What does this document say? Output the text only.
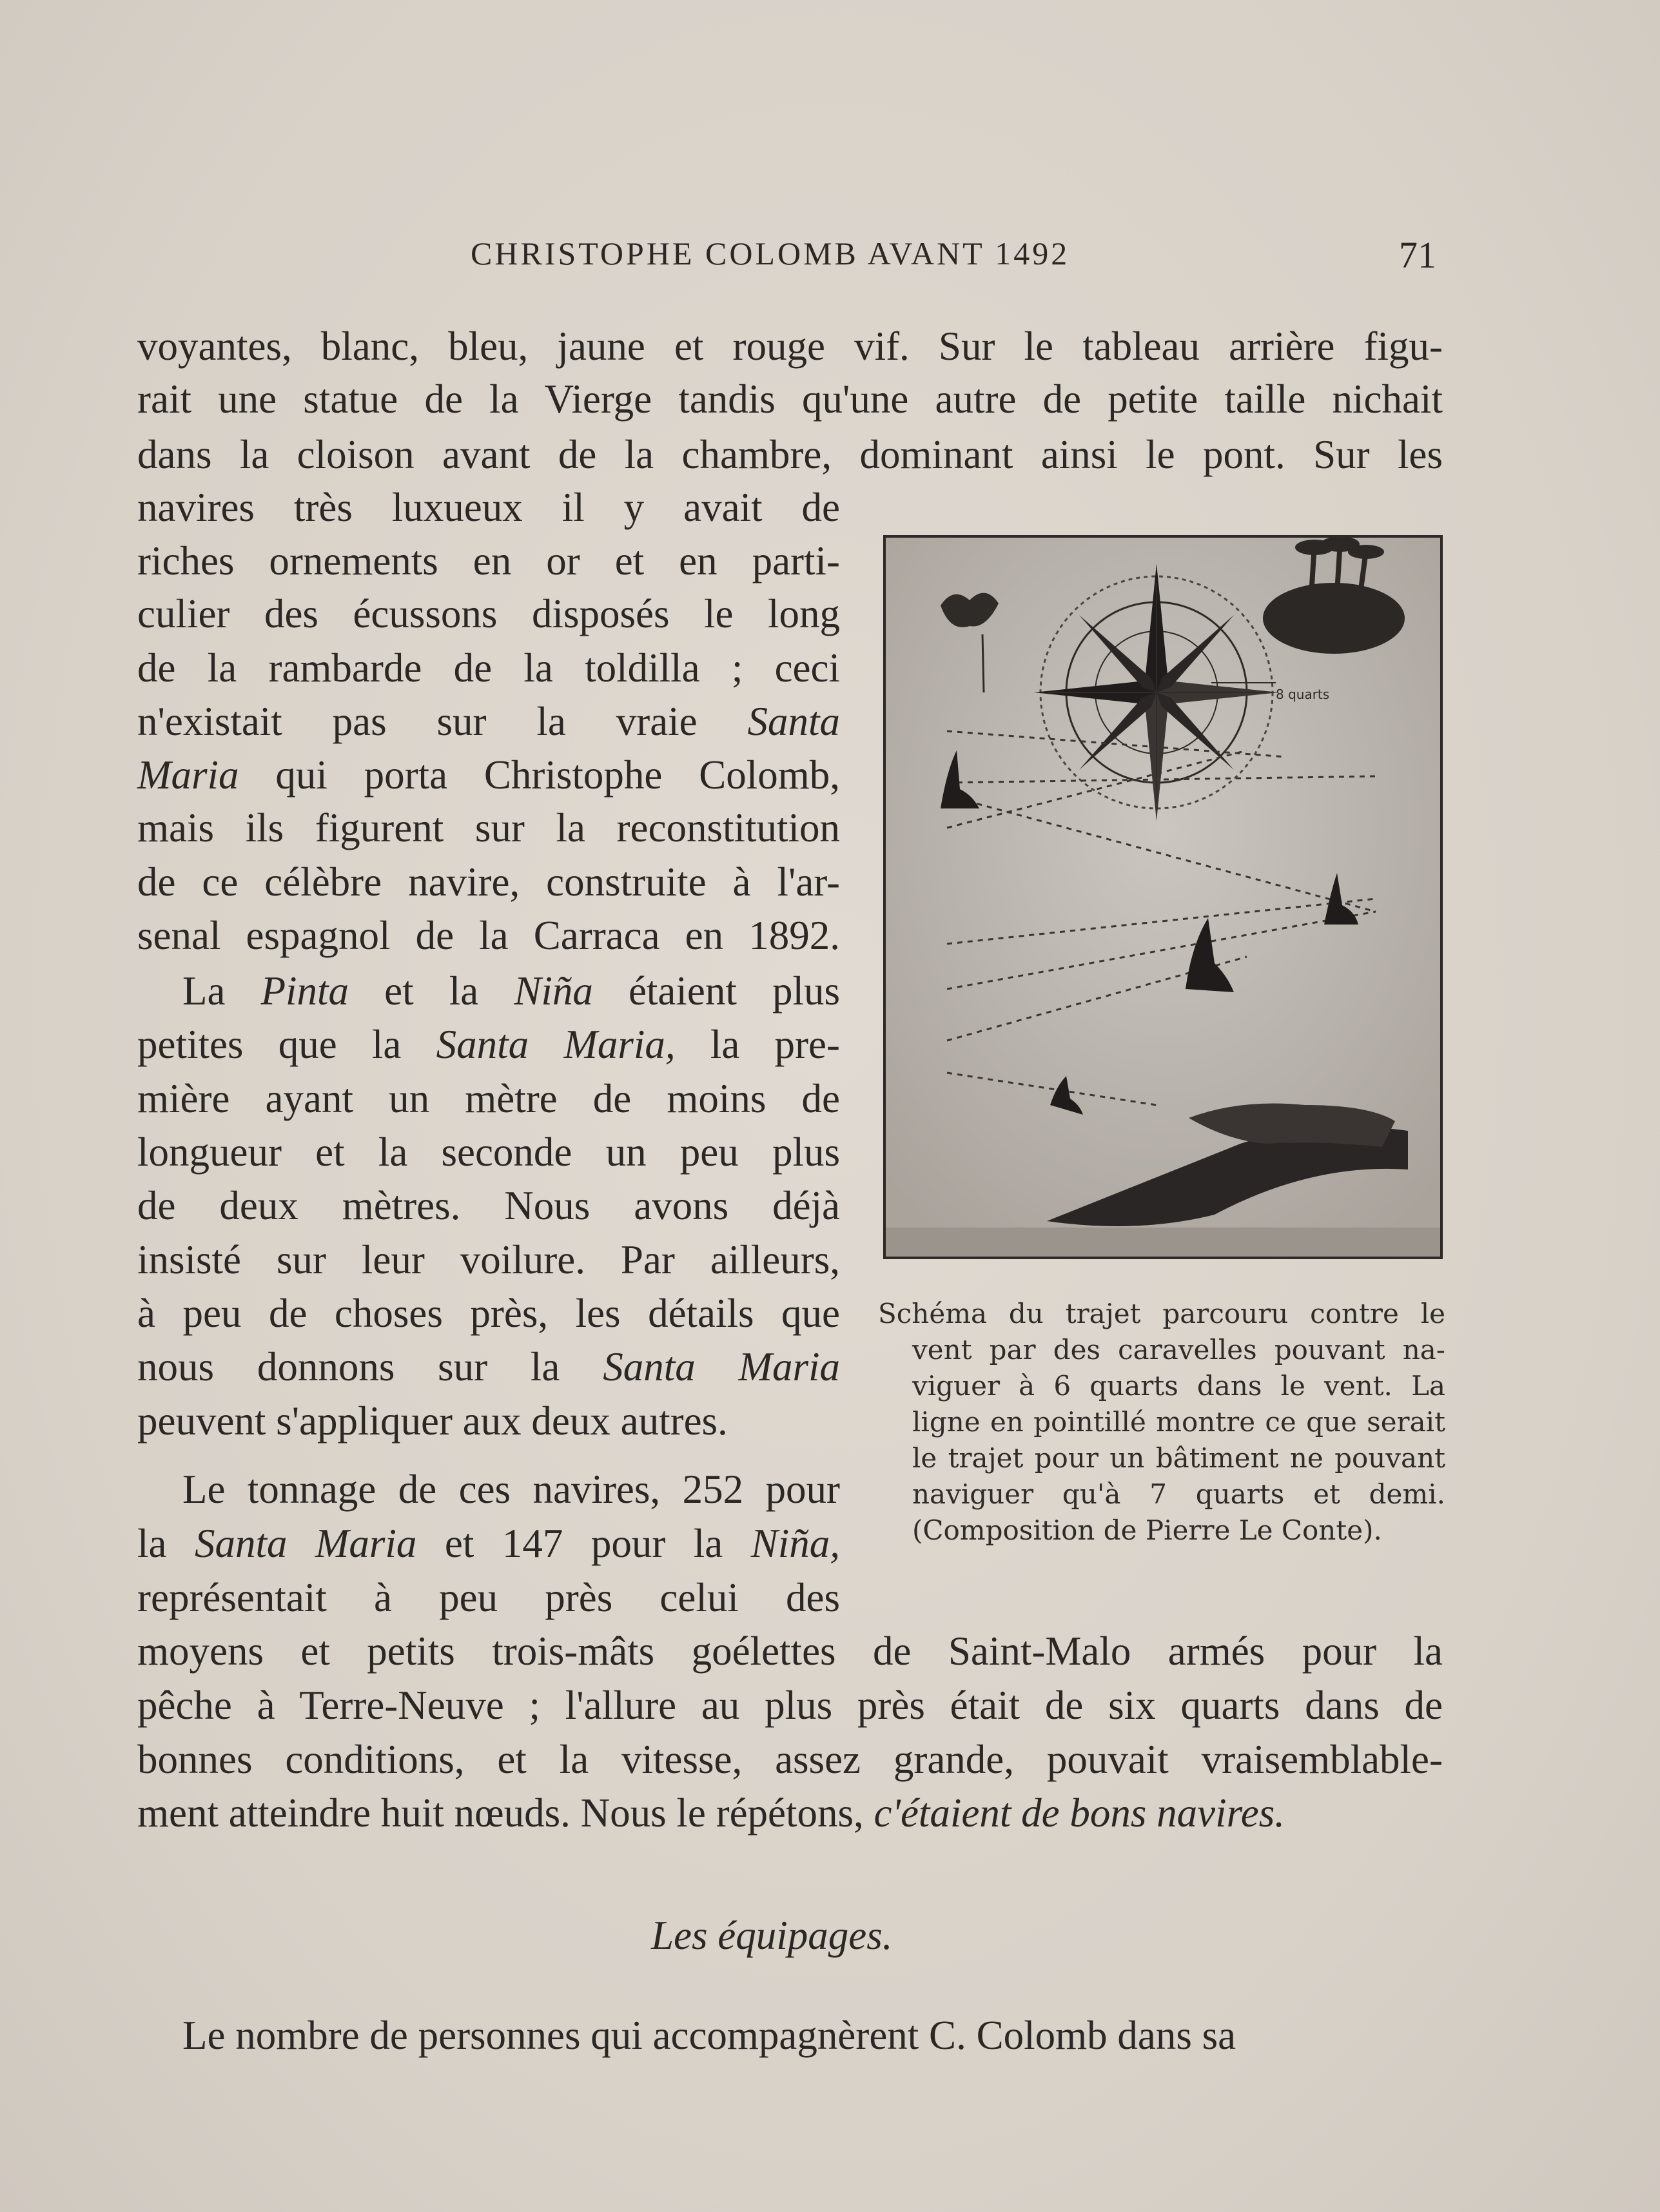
CHRISTOPHE COLOMB AVANT 1492	71
voyantes, blanc, bleu, jaune et rouge vif. Sur le tableau arrière figu-
rait une statue de la Vierge tandis qu'une autre de petite taille nichait
dans la cloison avant de la chambre, dominant ainsi le pont. Sur les
navires très luxueux il y avait de
riches ornements en or et en parti-
culier des écussons disposés le long
de la rambarde de la toldilla ; ceci
n'existait pas sur la vraie Santa
Maria qui porta Christophe Colomb,
mais ils figurent sur la reconstitution
de ce célèbre navire, construite à l'ar-
senal espagnol de la Carraca en 1892.
La Pinta et la Niña étaient plus
petites que la Santa Maria, la pre-
mière ayant un mètre de moins de
longueur et la seconde un peu plus
de deux mètres. Nous avons déjà
insisté sur leur voilure. Par ailleurs,
à peu de choses près, les détails que
nous donnons sur la Santa Maria
peuvent s'appliquer aux deux autres.
Le tonnage de ces navires, 252 pour
la Santa Maria et 147 pour la Niña,
représentait à peu près celui des
moyens et petits trois-mâts goélettes de Saint-Malo armés pour la
pêche à Terre-Neuve ; l'allure au plus près était de six quarts dans de
bonnes conditions, et la vitesse, assez grande, pouvait vraisemblable-
ment atteindre huit nœuds. Nous le répétons, c'étaient de bons navires.
Les équipages.
Le nombre de personnes qui accompagnèrent C. Colomb dans sa
8 quarts
Schéma du trajet parcouru contre le
vent par des caravelles pouvant na-
viguer à 6 quarts dans le vent. La
ligne en pointillé montre ce que serait
le trajet pour un bâtiment ne pouvant
naviguer qu'à 7 quarts et demi.
(Composition de Pierre Le Conte).
